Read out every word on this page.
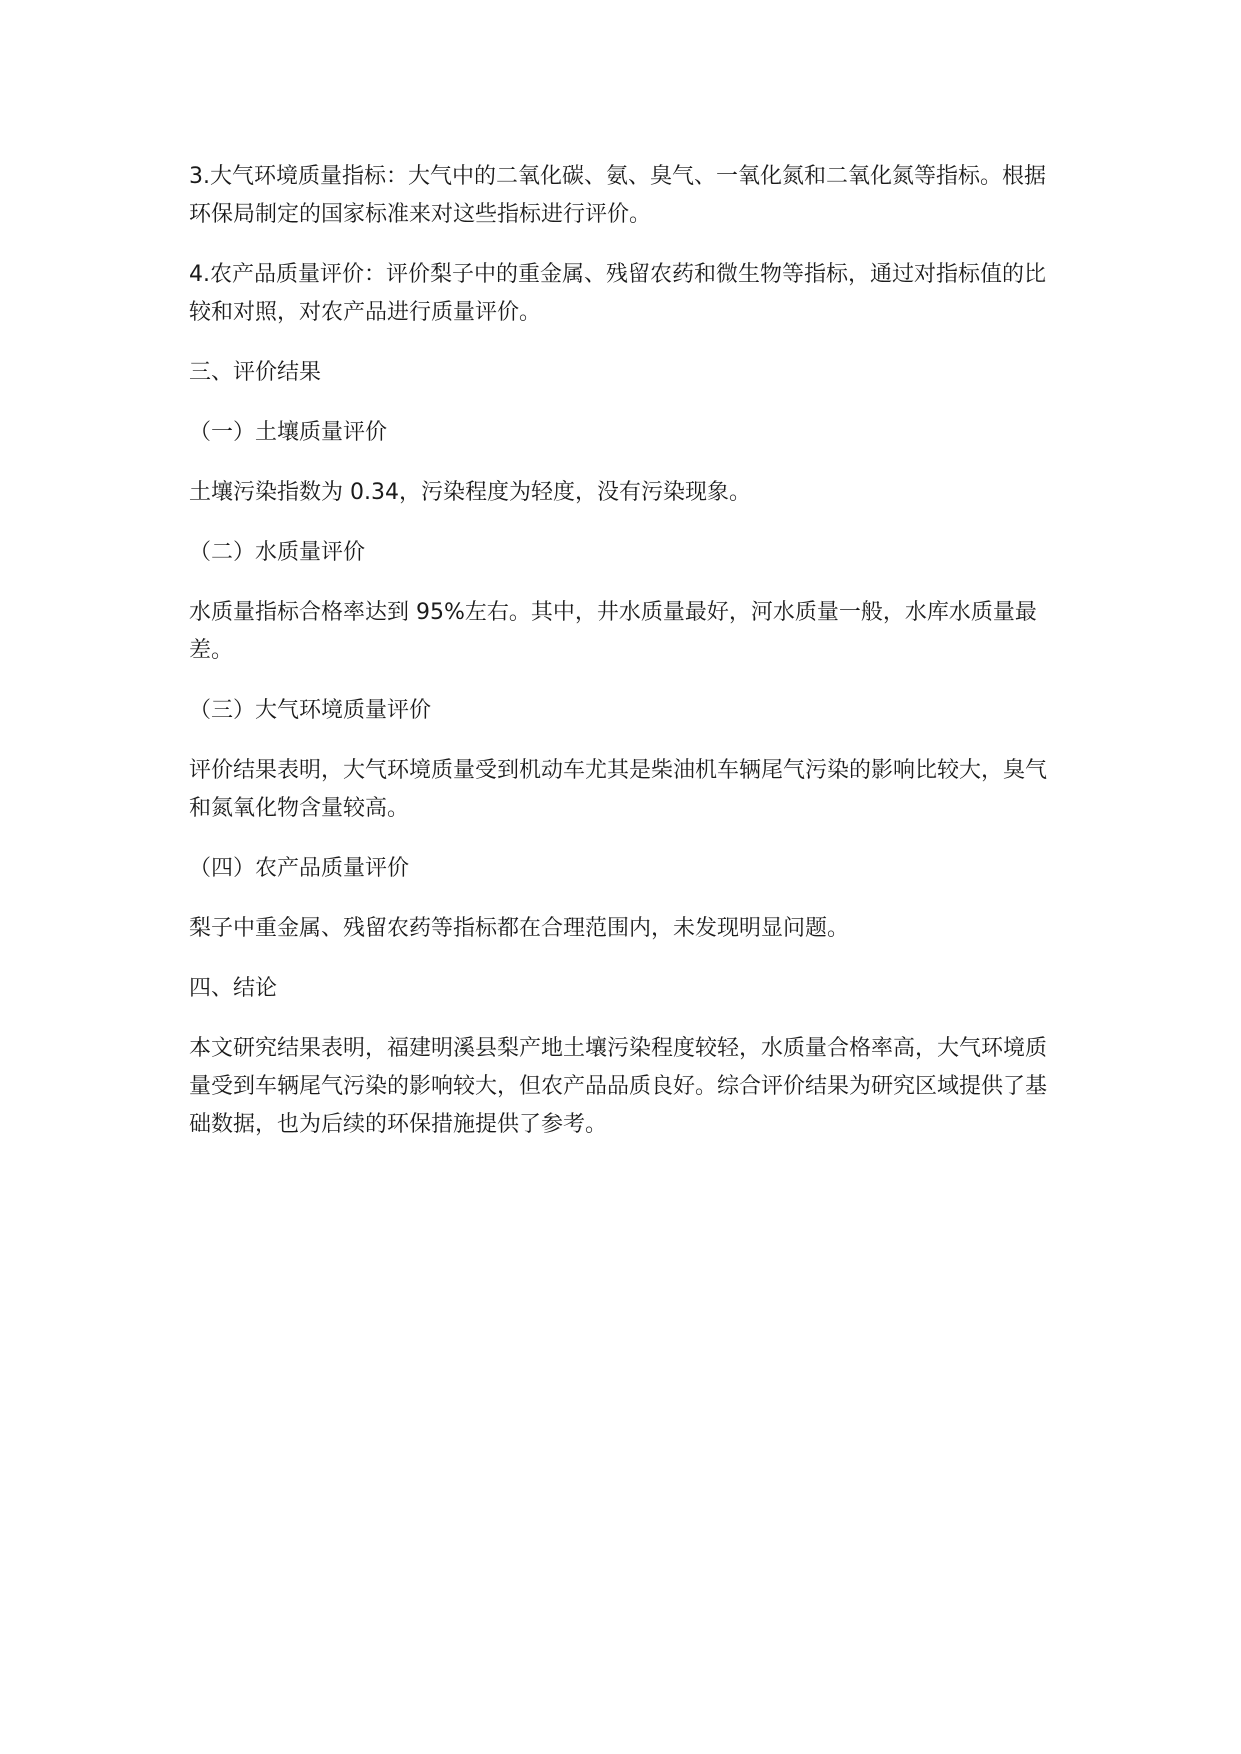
3.大气环境质量指标：大气中的二氧化碳、氨、臭气、一氧化氮和二氧化氮等指标。根据环保局制定的国家标准来对这些指标进行评价。

4.农产品质量评价：评价梨子中的重金属、残留农药和微生物等指标，通过对指标值的比较和对照，对农产品进行质量评价。

三、评价结果

（一）土壤质量评价

土壤污染指数为 0.34，污染程度为轻度，没有污染现象。

（二）水质量评价

水质量指标合格率达到 95%左右。其中，井水质量最好，河水质量一般，水库水质量最差。

（三）大气环境质量评价

评价结果表明，大气环境质量受到机动车尤其是柴油机车辆尾气污染的影响比较大，臭气和氮氧化物含量较高。

（四）农产品质量评价

梨子中重金属、残留农药等指标都在合理范围内，未发现明显问题。

四、结论

本文研究结果表明，福建明溪县梨产地土壤污染程度较轻，水质量合格率高，大气环境质量受到车辆尾气污染的影响较大，但农产品品质良好。综合评价结果为研究区域提供了基础数据，也为后续的环保措施提供了参考。
